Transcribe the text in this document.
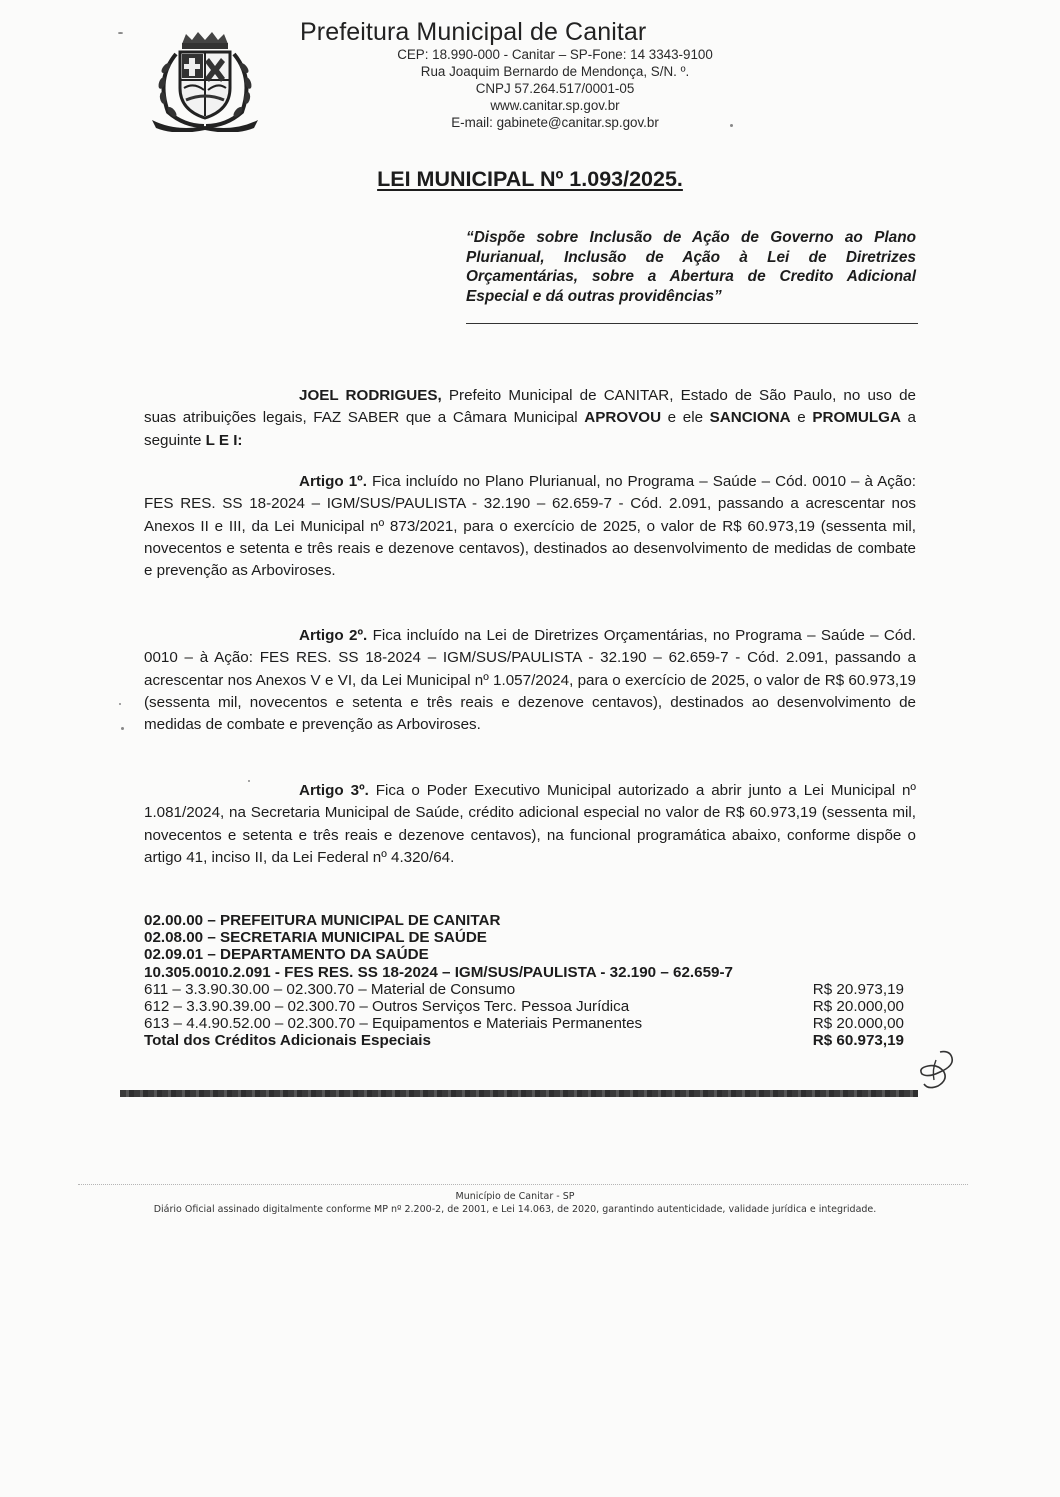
Prefeitura Municipal de Canitar
CEP: 18.990-000 - Canitar – SP-Fone: 14 3343-9100
Rua Joaquim Bernardo de Mendonça, S/N. º.
CNPJ 57.264.517/0001-05
www.canitar.sp.gov.br
E-mail: gabinete@canitar.sp.gov.br
LEI MUNICIPAL Nº 1.093/2025.
“Dispõe sobre Inclusão de Ação de Governo ao Plano Plurianual, Inclusão de Ação à Lei de Diretrizes Orçamentárias, sobre a Abertura de Credito Adicional Especial e dá outras providências”
JOEL RODRIGUES, Prefeito Municipal de CANITAR, Estado de São Paulo, no uso de suas atribuições legais, FAZ SABER que a Câmara Municipal APROVOU e ele SANCIONA e PROMULGA a seguinte L E I:
Artigo 1º. Fica incluído no Plano Plurianual, no Programa – Saúde – Cód. 0010 – à Ação: FES RES. SS 18-2024 – IGM/SUS/PAULISTA - 32.190 – 62.659-7 - Cód. 2.091, passando a acrescentar nos Anexos II e III, da Lei Municipal nº 873/2021, para o exercício de 2025, o valor de R$ 60.973,19 (sessenta mil, novecentos e setenta e três reais e dezenove centavos), destinados ao desenvolvimento de medidas de combate e prevenção as Arboviroses.
Artigo 2º. Fica incluído na Lei de Diretrizes Orçamentárias, no Programa – Saúde – Cód. 0010 – à Ação: FES RES. SS 18-2024 – IGM/SUS/PAULISTA - 32.190 – 62.659-7 - Cód. 2.091, passando a acrescentar nos Anexos V e VI, da Lei Municipal nº 1.057/2024, para o exercício de 2025, o valor de R$ 60.973,19 (sessenta mil, novecentos e setenta e três reais e dezenove centavos), destinados ao desenvolvimento de medidas de combate e prevenção as Arboviroses.
Artigo 3º. Fica o Poder Executivo Municipal autorizado a abrir junto a Lei Municipal nº 1.081/2024, na Secretaria Municipal de Saúde, crédito adicional especial no valor de R$ 60.973,19 (sessenta mil, novecentos e setenta e três reais e dezenove centavos), na funcional programática abaixo, conforme dispõe o artigo 41, inciso II, da Lei Federal nº 4.320/64.
02.00.00 – PREFEITURA MUNICIPAL DE CANITAR
02.08.00 – SECRETARIA MUNICIPAL DE SAÚDE
02.09.01 – DEPARTAMENTO DA SAÚDE
10.305.0010.2.091 - FES RES. SS 18-2024 – IGM/SUS/PAULISTA - 32.190 – 62.659-7
611 – 3.3.90.30.00 – 02.300.70 – Material de Consumo	R$ 20.973,19
612 – 3.3.90.39.00 – 02.300.70 – Outros Serviços Terc. Pessoa Jurídica	R$ 20.000,00
613 – 4.4.90.52.00 – 02.300.70 – Equipamentos e Materiais Permanentes	R$ 20.000,00
Total dos Créditos Adicionais Especiais	R$ 60.973,19
Município de Canitar - SP
Diário Oficial assinado digitalmente conforme MP nº 2.200-2, de 2001, e Lei 14.063, de 2020, garantindo autenticidade, validade jurídica e integridade.
